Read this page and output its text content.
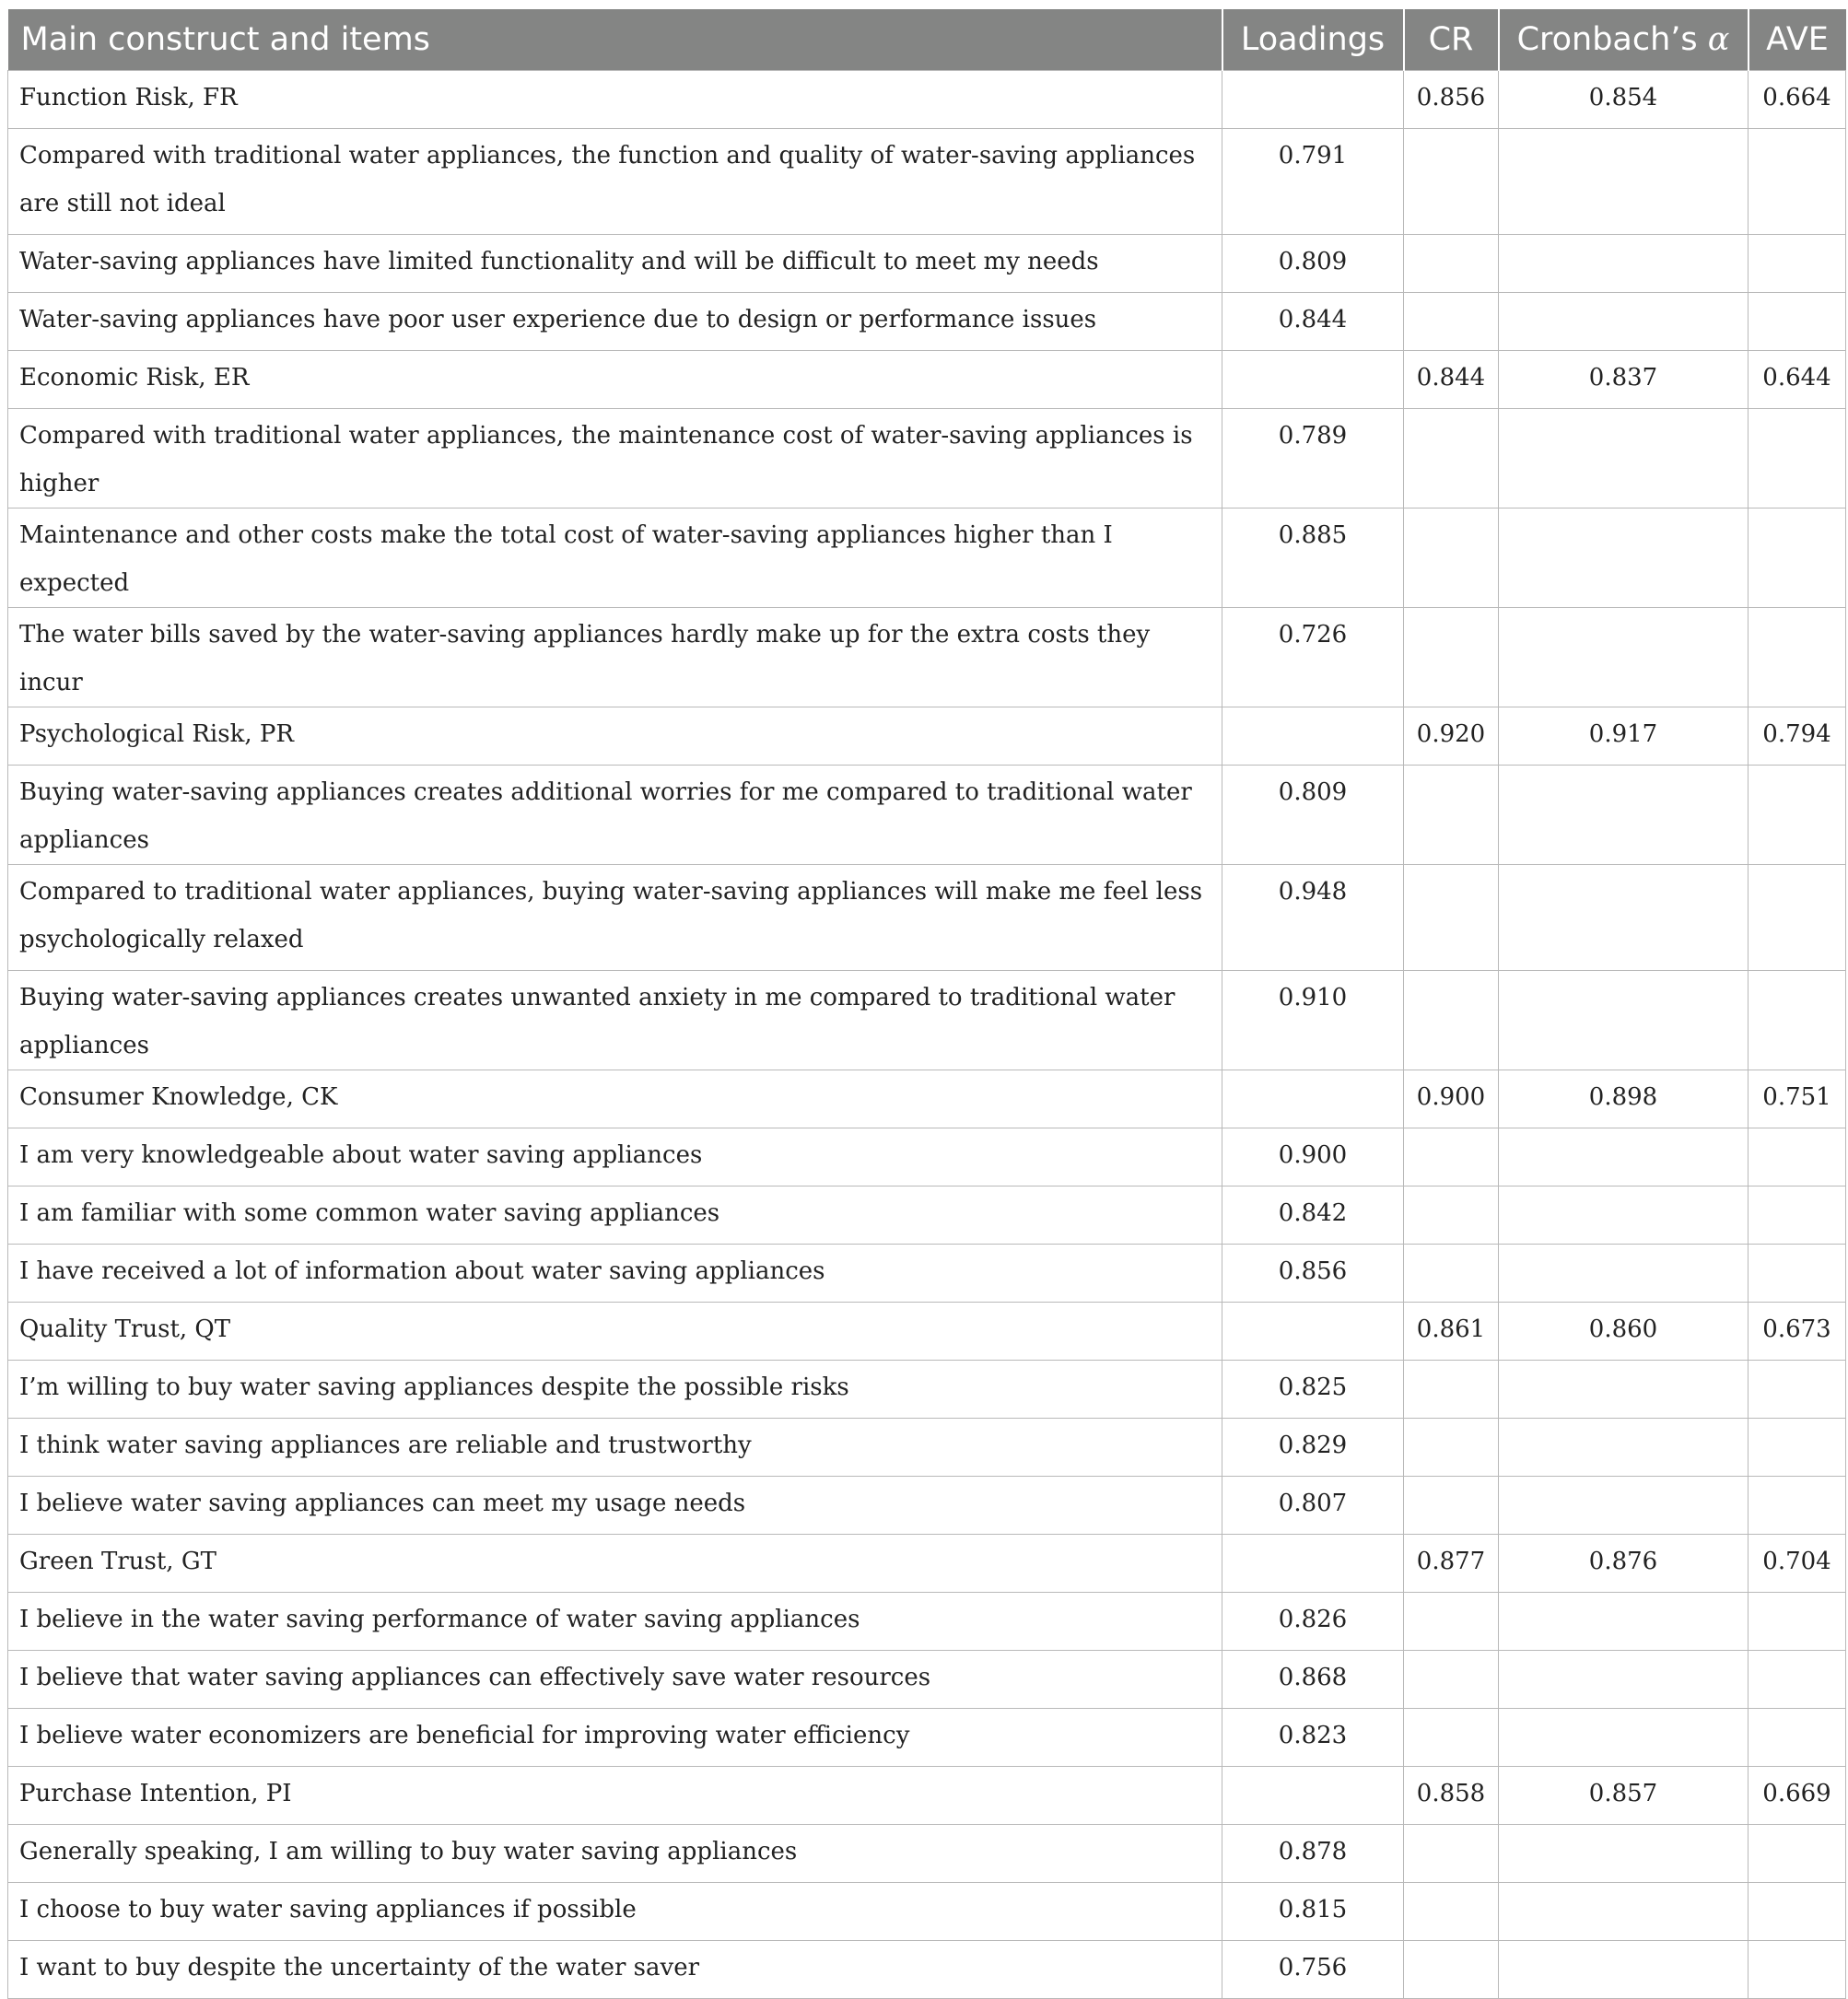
Main construct and items	Loadings	CR	Cronbach’s α	AVE
Function Risk, FR		0.856	0.854	0.664
Compared with traditional water appliances, the function and quality of water-saving appliances are still not ideal	0.791			
Water-saving appliances have limited functionality and will be difficult to meet my needs	0.809			
Water-saving appliances have poor user experience due to design or performance issues	0.844			
Economic Risk, ER		0.844	0.837	0.644
Compared with traditional water appliances, the maintenance cost of water-saving appliances is higher	0.789			
Maintenance and other costs make the total cost of water-saving appliances higher than I expected	0.885			
The water bills saved by the water-saving appliances hardly make up for the extra costs they incur	0.726			
Psychological Risk, PR		0.920	0.917	0.794
Buying water-saving appliances creates additional worries for me compared to traditional water appliances	0.809			
Compared to traditional water appliances, buying water-saving appliances will make me feel less psychologically relaxed	0.948			
Buying water-saving appliances creates unwanted anxiety in me compared to traditional water appliances	0.910			
Consumer Knowledge, CK		0.900	0.898	0.751
I am very knowledgeable about water saving appliances	0.900			
I am familiar with some common water saving appliances	0.842			
I have received a lot of information about water saving appliances	0.856			
Quality Trust, QT		0.861	0.860	0.673
I’m willing to buy water saving appliances despite the possible risks	0.825			
I think water saving appliances are reliable and trustworthy	0.829			
I believe water saving appliances can meet my usage needs	0.807			
Green Trust, GT		0.877	0.876	0.704
I believe in the water saving performance of water saving appliances	0.826			
I believe that water saving appliances can effectively save water resources	0.868			
I believe water economizers are beneficial for improving water efficiency	0.823			
Purchase Intention, PI		0.858	0.857	0.669
Generally speaking, I am willing to buy water saving appliances	0.878			
I choose to buy water saving appliances if possible	0.815			
I want to buy despite the uncertainty of the water saver	0.756			
